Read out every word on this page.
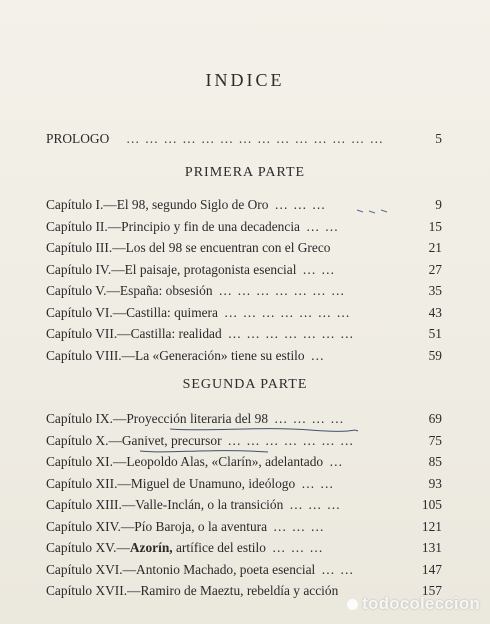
INDICE
PROLOGO … … … … … … … … … … … … … …	5
PRIMERA PARTE
Capítulo I.—El 98, segundo Siglo de Oro … … …	9
Capítulo II.—Principio y fin de una decadencia … …	15
Capítulo III.—Los del 98 se encuentran con el Greco	21
Capítulo IV.—El paisaje, protagonista esencial … …	27
Capítulo V.—España: obsesión … … … … … … …	35
Capítulo VI.—Castilla: quimera … … … … … … …	43
Capítulo VII.—Castilla: realidad … … … … … … …	51
Capítulo VIII.—La «Generación» tiene su estilo …	59
SEGUNDA PARTE
Capítulo IX.—Proyección literaria del 98 … … … …	69
Capítulo X.—Ganivet, precursor … … … … … … …	75
Capítulo XI.—Leopoldo Alas, «Clarín», adelantado …	85
Capítulo XII.—Miguel de Unamuno, ideólogo … …	93
Capítulo XIII.—Valle-Inclán, o la transición … … …	105
Capítulo XIV.—Pío Baroja, o la aventura … … …	121
Capítulo XV.—Azorín, artífice del estilo … … …	131
Capítulo XVI.—Antonio Machado, poeta esencial … …	147
Capítulo XVII.—Ramiro de Maeztu, rebeldía y acción	157
todocoleccion
